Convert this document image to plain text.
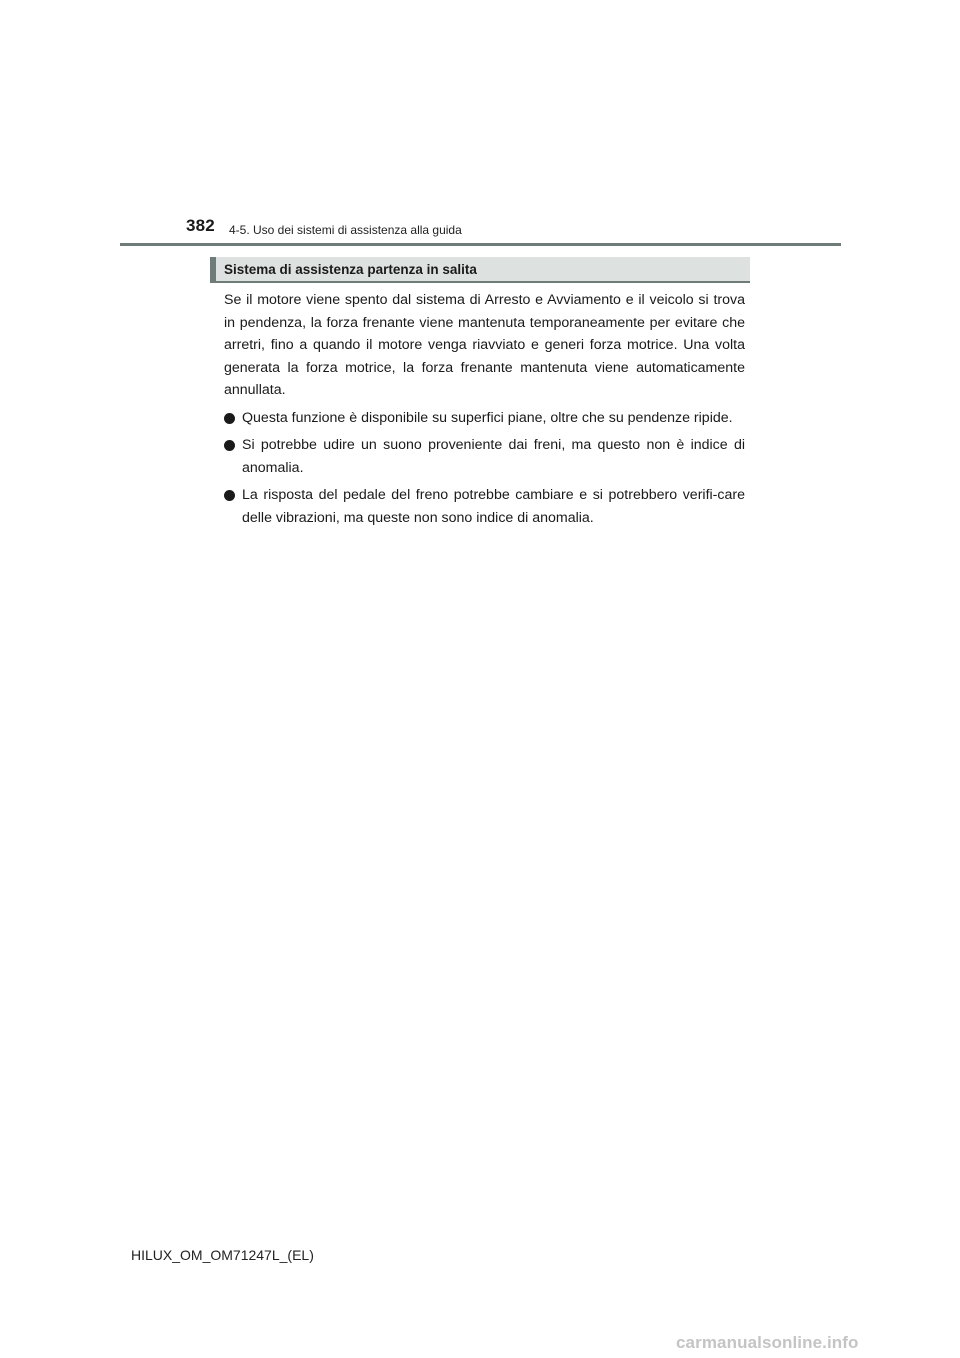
382 4-5. Uso dei sistemi di assistenza alla guida
Sistema di assistenza partenza in salita

Se il motore viene spento dal sistema di Arresto e Avviamento e il veicolo si trova in pendenza, la forza frenante viene mantenuta temporaneamente per evitare che arretri, fino a quando il motore venga riavviato e generi forza motrice. Una volta generata la forza motrice, la forza frenante mantenuta viene automaticamente annullata.

Questa funzione è disponibile su superfici piane, oltre che su pendenze ripide.
Si potrebbe udire un suono proveniente dai freni, ma questo non è indice di anomalia.
La risposta del pedale del freno potrebbe cambiare e si potrebbero verifi-care delle vibrazioni, ma queste non sono indice di anomalia.
HILUX_OM_OM71247L_(EL)
carmanualsonline.info
